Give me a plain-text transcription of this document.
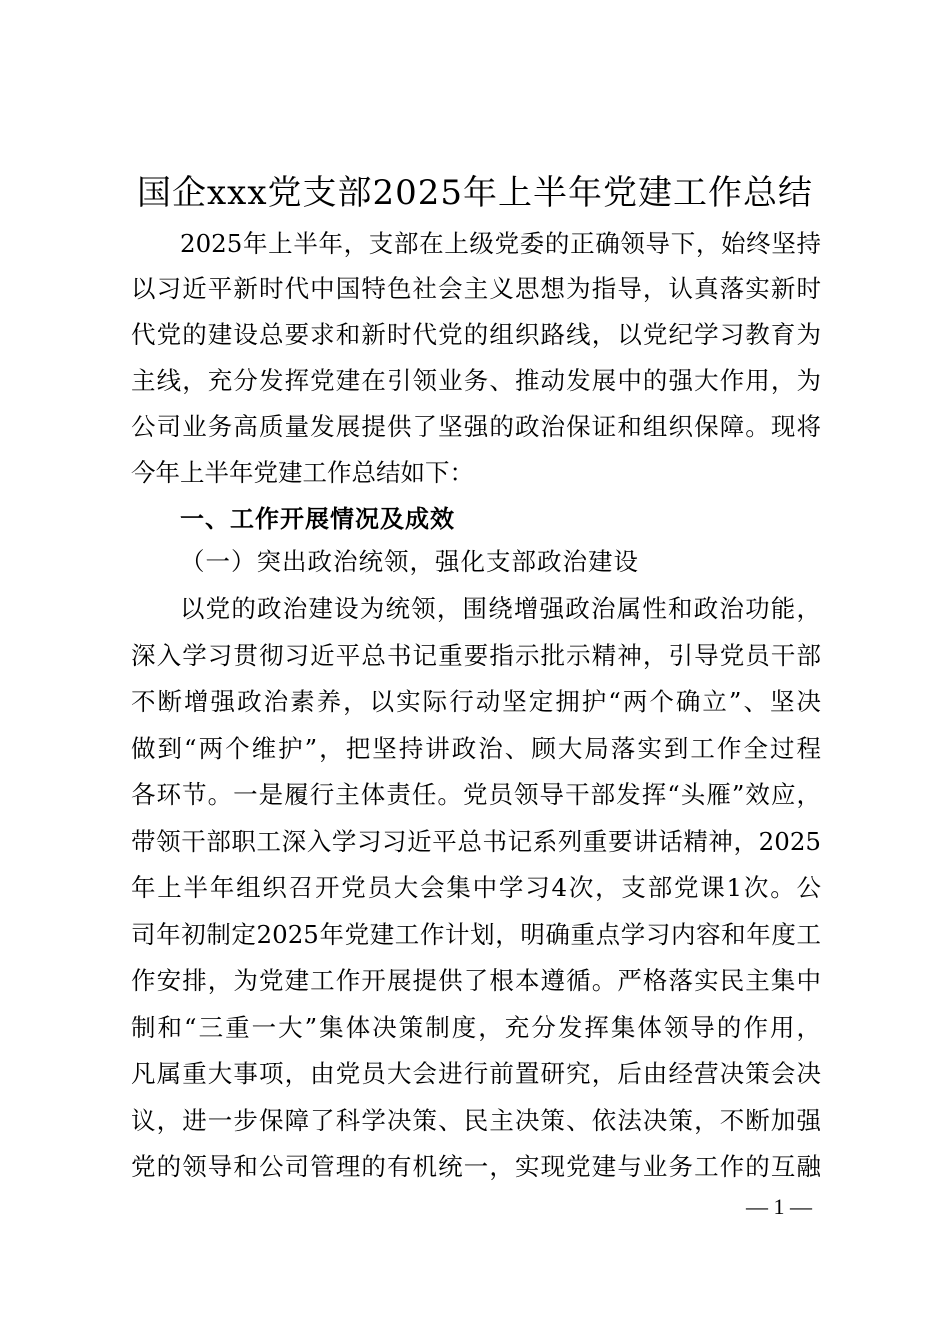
国企xxx党支部2025年上半年党建工作总结
2025年上半年，支部在上级党委的正确领导下，始终坚持
以习近平新时代中国特色社会主义思想为指导，认真落实新时
代党的建设总要求和新时代党的组织路线，以党纪学习教育为
主线，充分发挥党建在引领业务、推动发展中的强大作用，为
公司业务高质量发展提供了坚强的政治保证和组织保障。现将
今年上半年党建工作总结如下：
一、工作开展情况及成效
（一）突出政治统领，强化支部政治建设
以党的政治建设为统领，围绕增强政治属性和政治功能，
深入学习贯彻习近平总书记重要指示批示精神，引导党员干部
不断增强政治素养，以实际行动坚定拥护“两个确立”、坚决
做到“两个维护”，把坚持讲政治、顾大局落实到工作全过程
各环节。一是履行主体责任。党员领导干部发挥“头雁”效应，
带领干部职工深入学习习近平总书记系列重要讲话精神，2025
年上半年组织召开党员大会集中学习4次，支部党课1次。公
司年初制定2025年党建工作计划，明确重点学习内容和年度工
作安排，为党建工作开展提供了根本遵循。严格落实民主集中
制和“三重一大”集体决策制度，充分发挥集体领导的作用，
凡属重大事项，由党员大会进行前置研究，后由经营决策会决
议，进一步保障了科学决策、民主决策、依法决策，不断加强
党的领导和公司管理的有机统一，实现党建与业务工作的互融
— 1 —
